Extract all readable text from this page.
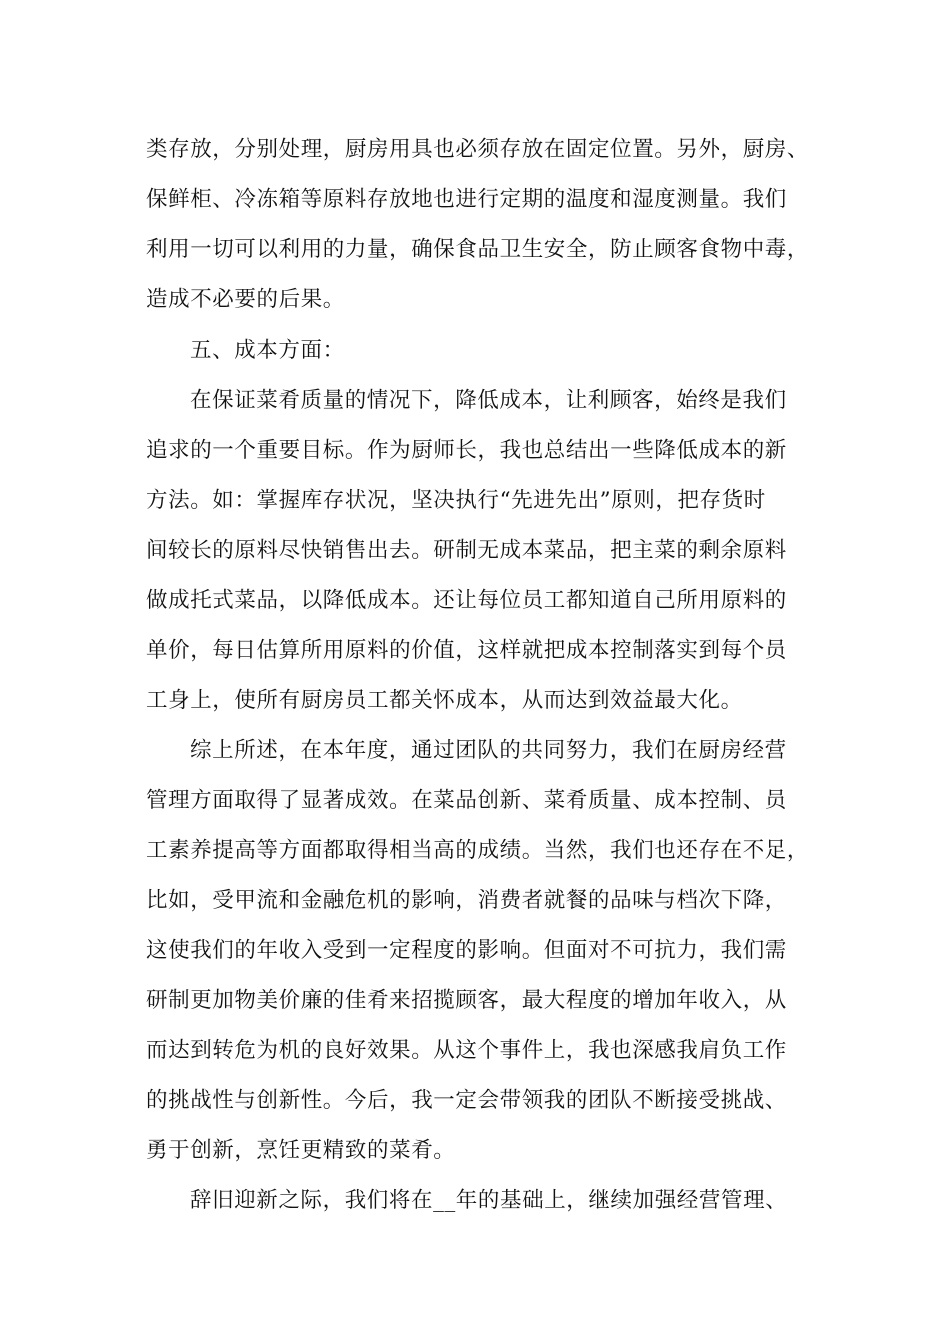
类存放，分别处理，厨房用具也必须存放在固定位置。另外，厨房、
保鲜柜、冷冻箱等原料存放地也进行定期的温度和湿度测量。我们
利用一切可以利用的力量，确保食品卫生安全，防止顾客食物中毒，
造成不必要的后果。
五、成本方面：
在保证菜肴质量的情况下，降低成本，让利顾客，始终是我们
追求的一个重要目标。作为厨师长，我也总结出一些降低成本的新
方法。如：掌握库存状况，坚决执行“先进先出”原则，把存货时
间较长的原料尽快销售出去。研制无成本菜品，把主菜的剩余原料
做成托式菜品，以降低成本。还让每位员工都知道自己所用原料的
单价，每日估算所用原料的价值，这样就把成本控制落实到每个员
工身上，使所有厨房员工都关怀成本，从而达到效益最大化。
综上所述，在本年度，通过团队的共同努力，我们在厨房经营
管理方面取得了显著成效。在菜品创新、菜肴质量、成本控制、员
工素养提高等方面都取得相当高的成绩。当然，我们也还存在不足，
比如，受甲流和金融危机的影响，消费者就餐的品味与档次下降，
这使我们的年收入受到一定程度的影响。但面对不可抗力，我们需
研制更加物美价廉的佳肴来招揽顾客，最大程度的增加年收入，从
而达到转危为机的良好效果。从这个事件上，我也深感我肩负工作
的挑战性与创新性。今后，我一定会带领我的团队不断接受挑战、
勇于创新，烹饪更精致的菜肴。
辞旧迎新之际，我们将在__年的基础上，继续加强经营管理、
